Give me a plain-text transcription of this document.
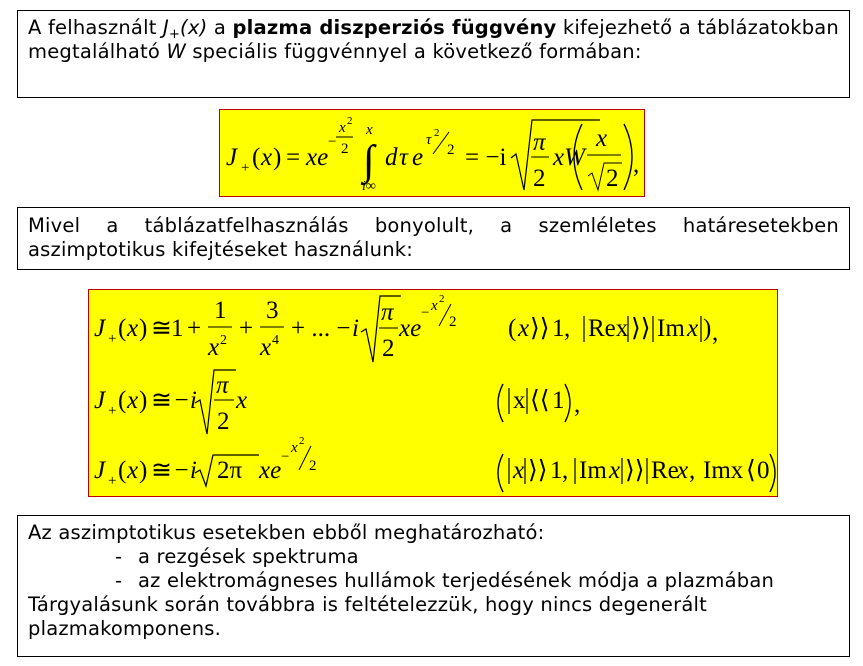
A felhasznált $J_+(x)$ a plazma diszperziós függvény kifejezhető a táblázatokban megtalálható W speciális függvénnyel a következő formában:
J + ( x ) = xe
−
x 2
2 ∫
x
i∞
d τ e
τ 2
2 = −i
π
2
xW
x
2
,
Mivel a táblázatfelhasználás bonyolult, a szemléletes határesetekben aszimptotikus kifejtéseket használunk:
J + ( x ) ≅ 1 +
1
x 2 +
3
x 4 + ... − i
π
2
xe
− x 2
2 ( x ⟩⟩ 1 , Rex ⟩⟩ Im x ) ,
J + ( x ) ≅ −i
π
2
x	x ⟨⟨ 1 ,
J + ( x ) ≅ −i 2π xe −
x 2
2	x ⟩⟩ 1 , Im x ⟩⟩ Re
x , Imx ⟨ 0
Az aszimptotikus esetekben ebből meghatározható:
- a rezgések spektruma
- az elektromágneses hullámok terjedésének módja a plazmában
Tárgyalásunk során továbbra is feltételezzük, hogy nincs degenerált plazmakomponens.
